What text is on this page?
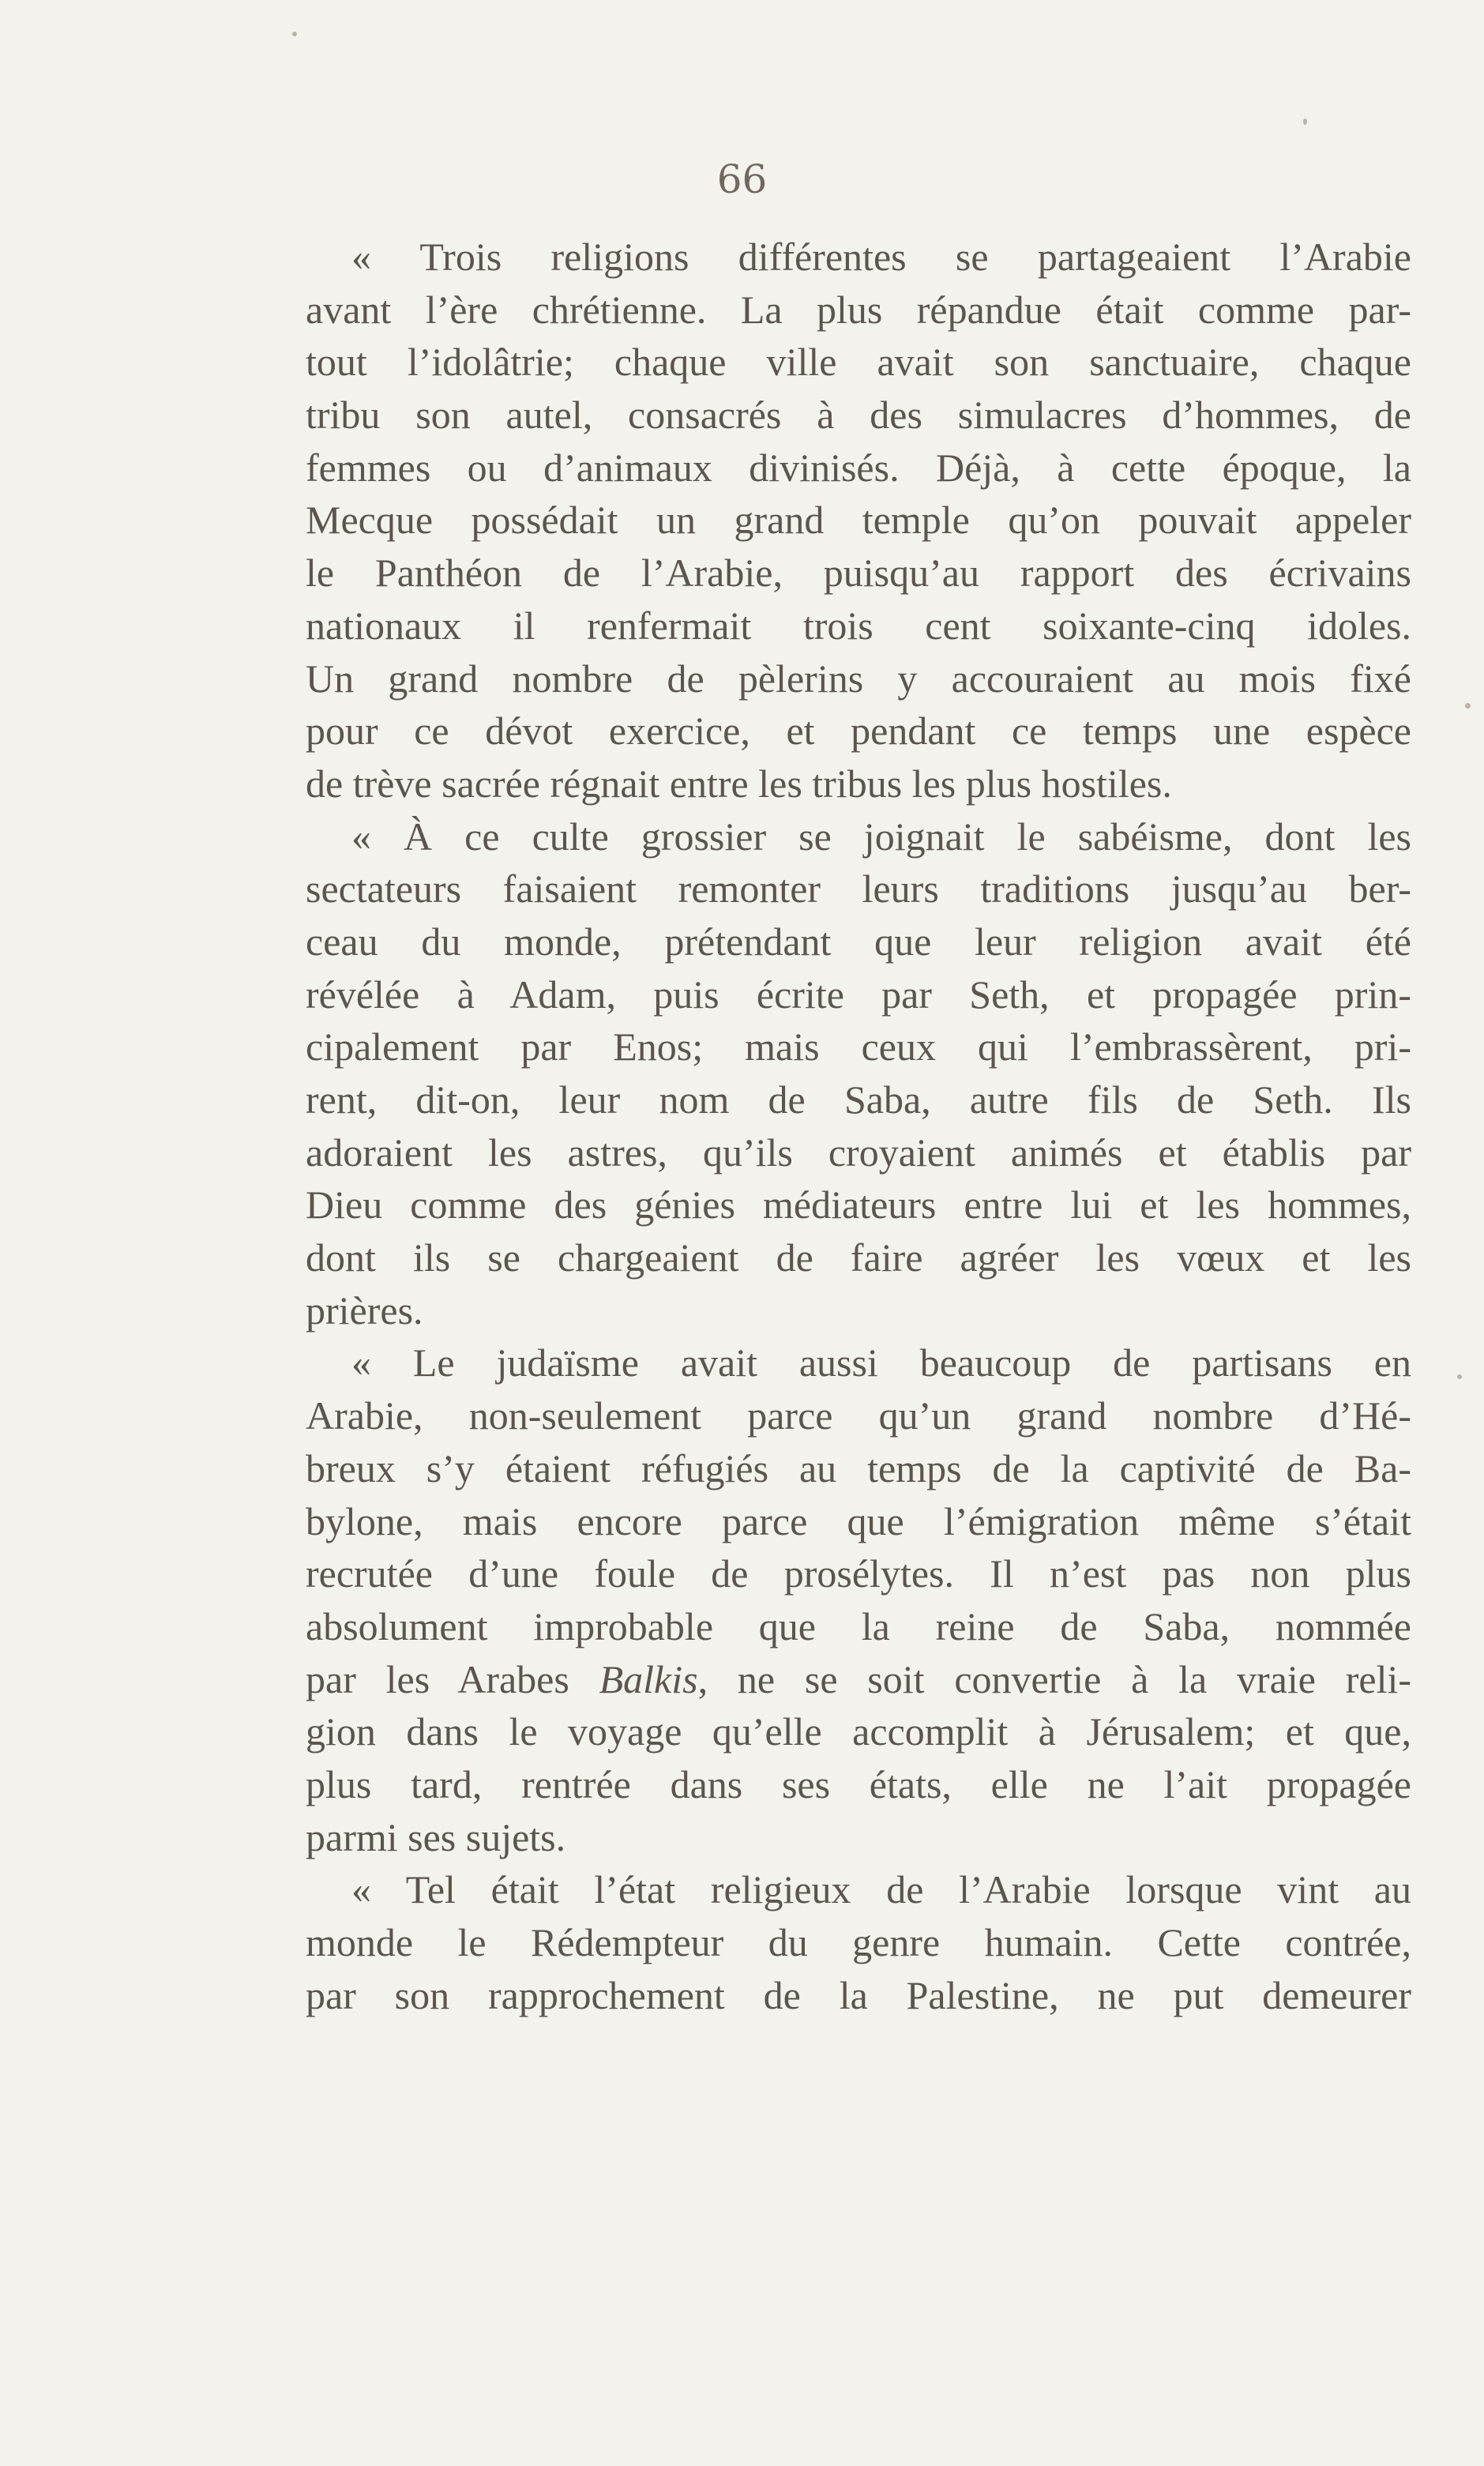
66
« Trois religions différentes se partageaient l’Arabie
avant l’ère chrétienne. La plus répandue était comme par-
tout l’idolâtrie; chaque ville avait son sanctuaire, chaque
tribu son autel, consacrés à des simulacres d’hommes, de
femmes ou d’animaux divinisés. Déjà, à cette époque, la
Mecque possédait un grand temple qu’on pouvait appeler
le Panthéon de l’Arabie, puisqu’au rapport des écrivains
nationaux il renfermait trois cent soixante-cinq idoles.
Un grand nombre de pèlerins y accouraient au mois fixé
pour ce dévot exercice, et pendant ce temps une espèce
de trève sacrée régnait entre les tribus les plus hostiles.
« À ce culte grossier se joignait le sabéisme, dont les
sectateurs faisaient remonter leurs traditions jusqu’au ber-
ceau du monde, prétendant que leur religion avait été
révélée à Adam, puis écrite par Seth, et propagée prin-
cipalement par Enos; mais ceux qui l’embrassèrent, pri-
rent, dit-on, leur nom de Saba, autre fils de Seth. Ils
adoraient les astres, qu’ils croyaient animés et établis par
Dieu comme des génies médiateurs entre lui et les hommes,
dont ils se chargeaient de faire agréer les vœux et les
prières.
« Le judaïsme avait aussi beaucoup de partisans en
Arabie, non-seulement parce qu’un grand nombre d’Hé-
breux s’y étaient réfugiés au temps de la captivité de Ba-
bylone, mais encore parce que l’émigration même s’était
recrutée d’une foule de prosélytes. Il n’est pas non plus
absolument improbable que la reine de Saba, nommée
par les Arabes Balkis, ne se soit convertie à la vraie reli-
gion dans le voyage qu’elle accomplit à Jérusalem; et que,
plus tard, rentrée dans ses états, elle ne l’ait propagée
parmi ses sujets.
« Tel était l’état religieux de l’Arabie lorsque vint au
monde le Rédempteur du genre humain. Cette contrée,
par son rapprochement de la Palestine, ne put demeurer
